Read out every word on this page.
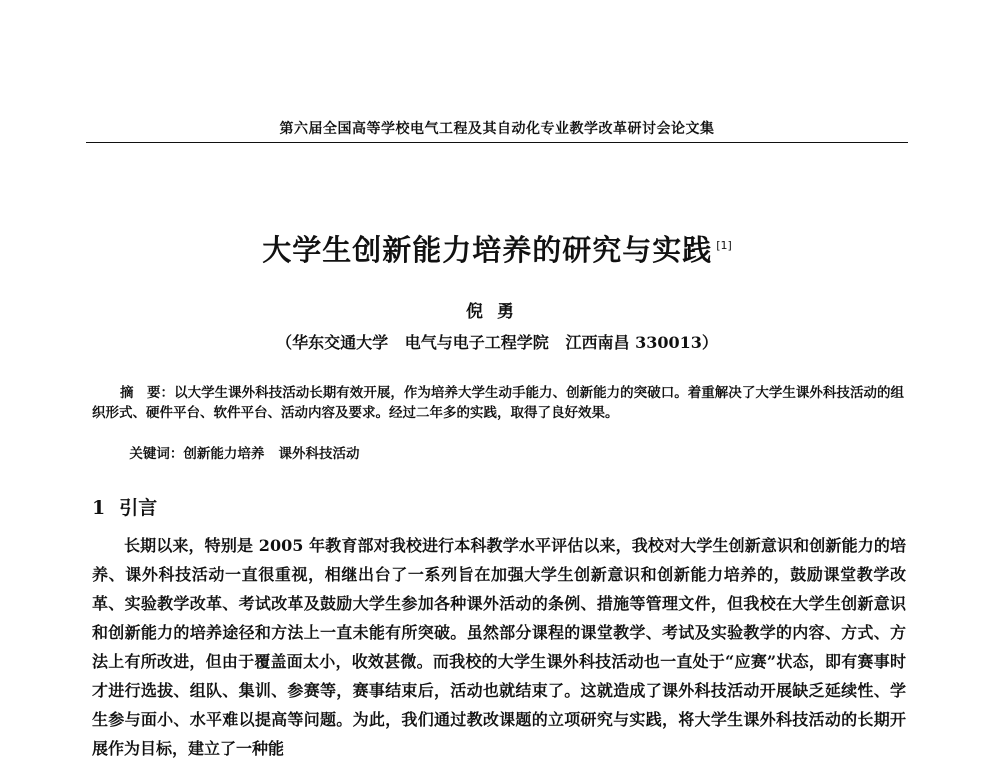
第六届全国高等学校电气工程及其自动化专业教学改革研讨会论文集
大学生创新能力培养的研究与实践 [1]
倪勇
（华东交通大学   电气与电子工程学院   江西南昌 330013）
摘　要：以大学生课外科技活动长期有效开展，作为培养大学生动手能力、创新能力的突破口。着重解决了大学生课外科技活动的组织形式、硬件平台、软件平台、活动内容及要求。经过二年多的实践，取得了良好效果。

关键词：创新能力培养   课外科技活动

1 引言
长期以来，特别是 2005 年教育部对我校进行本科教学水平评估以来，我校对大学生创新意识和创新能力的培养、课外科技活动一直很重视，相继出台了一系列旨在加强大学生创新意识和创新能力培养的，鼓励课堂教学改革、实验教学改革、考试改革及鼓励大学生参加各种课外活动的条例、措施等管理文件，但我校在大学生创新意识和创新能力的培养途径和方法上一直未能有所突破。虽然部分课程的课堂教学、考试及实验教学的内容、方式、方法上有所改进，但由于覆盖面太小，收效甚微。而我校的大学生课外科技活动也一直处于“应赛”状态，即有赛事时才进行选拔、组队、集训、参赛等，赛事结束后，活动也就结束了。这就造成了课外科技活动开展缺乏延续性、学生参与面小、水平难以提高等问题。为此，我们通过教改课题的立项研究与实践，将大学生课外科技活动的长期开展作为目标，建立了一种能
